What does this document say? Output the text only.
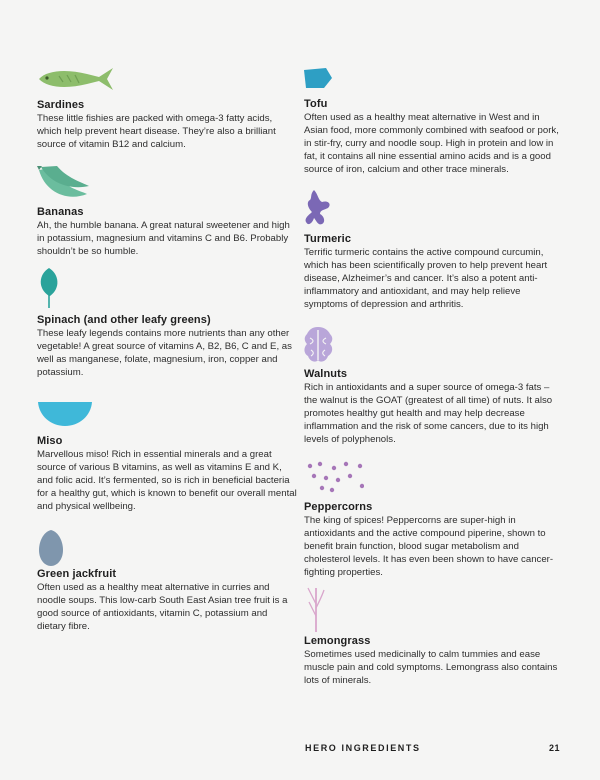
Sardines

These little fishies are packed with omega-3 fatty acids, which help prevent heart disease. They’re also a brilliant source of vitamin B12 and calcium.

Bananas

Ah, the humble banana. A great natural sweetener and high in potassium, magnesium and vitamins C and B6. Probably shouldn’t be so humble.

Spinach (and other leafy greens)

These leafy legends contains more nutrients than any other vegetable! A great source of vitamins A, B2, B6, C and E, as well as manganese, folate, magnesium, iron, copper and potassium.

Miso

Marvellous miso! Rich in essential minerals and a great source of various B vitamins, as well as vitamins E and K, and folic acid. It’s fermented, so is rich in beneficial bacteria for a healthy gut, which is known to benefit our overall mental and physical wellbeing.

Green jackfruit

Often used as a healthy meat alternative in curries and noodle soups. This low-carb South East Asian tree fruit is a good source of antioxidants, vitamin C, potassium and dietary fibre.

Tofu

Often used as a healthy meat alternative in West and in Asian food, more commonly combined with seafood or pork, in stir-fry, curry and noodle soup. High in protein and low in fat, it contains all nine essential amino acids and is a good source of iron, calcium and other trace minerals.

Turmeric

Terrific turmeric contains the active compound curcumin, which has been scientifically proven to help prevent heart disease, Alzheimer’s and cancer. It’s also a potent anti-inflammatory and antioxidant, and may help relieve symptoms of depression and arthritis.

Walnuts

Rich in antioxidants and a super source of omega-3 fats – the walnut is the GOAT (greatest of all time) of nuts. It also promotes healthy gut health and may help decrease inflammation and the risk of some cancers, due to its high levels of polyphenols.

Peppercorns

The king of spices! Peppercorns are super-high in antioxidants and the active compound piperine, shown to benefit brain function, blood sugar metabolism and cholesterol levels. It has even been shown to have cancer-fighting properties.

Lemongrass

Sometimes used medicinally to calm tummies and ease muscle pain and cold symptoms. Lemongrass also contains lots of minerals.

HERO INGREDIENTS	21
